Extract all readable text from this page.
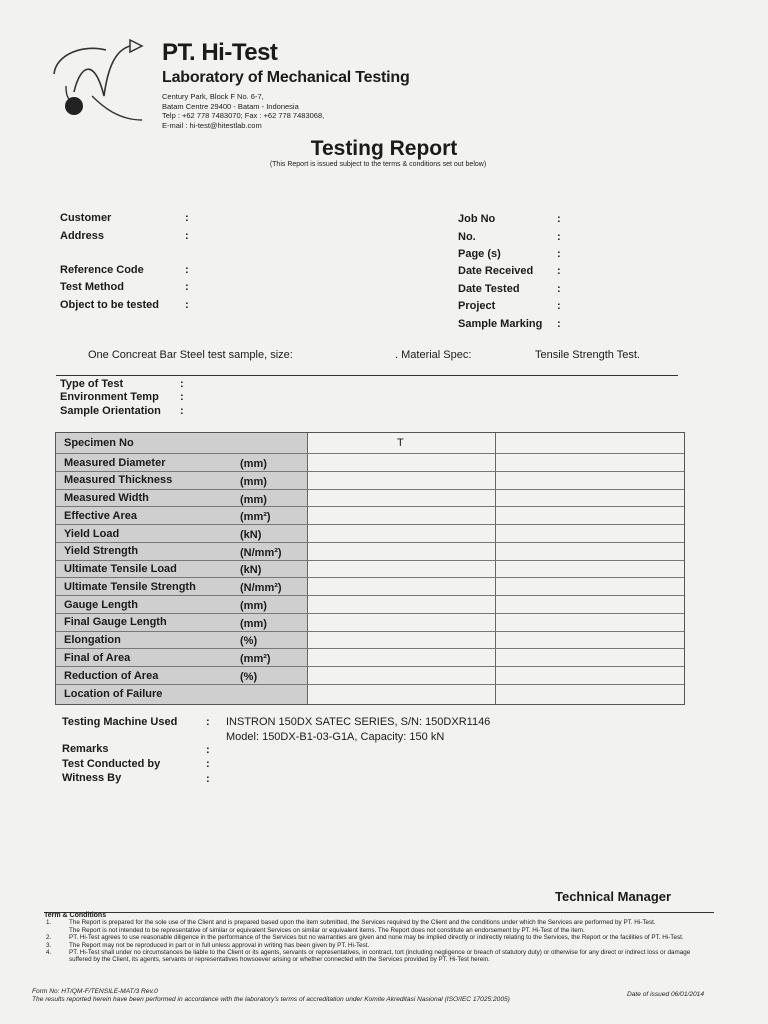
PT. Hi-Test
Laboratory of Mechanical Testing
Century Park, Block F No. 6-7,
Batam Centre 29400 - Batam - Indonesia
Telp : +62 778 7483070; Fax : +62 778 7483068,
E-mail : hi-test@hitestlab.com
Testing Report
(This Report is issued subject to the terms & conditions set out below)
Customer	:
Address	:
Reference Code	:
Test Method	:
Object to be tested :
Job No	:
No.	:
Page (s)	:
Date Received :
Date Tested	:
Project	:
Sample Marking :
One Concreat Bar Steel test sample, size:	. Material Spec:	Tensile Strength Test.
Type of Test	:
Environment Temp :
Sample Orientation :
Specimen No	T
Measured Diameter	(mm)
Measured Thickness	(mm)
Measured Width	(mm)
Effective Area	(mm²)
Yield Load	(kN)
Yield Strength	(N/mm²)
Ultimate Tensile Load	(kN)
Ultimate Tensile Strength	(N/mm²)
Gauge Length	(mm)
Final Gauge Length	(mm)
Elongation	(%)
Final of Area	(mm²)
Reduction of Area	(%)
Location of Failure
Testing Machine Used	: INSTRON 150DX SATEC SERIES, S/N: 150DXR1146
Model: 150DX-B1-03-G1A, Capacity: 150 kN
Remarks	:
Test Conducted by	:
Witness By	:
Technical Manager
Term & Conditions
1.	The Report is prepared for the sole use of the Client and is prepared based upon the item submitted, the Services required by the Client and the conditions under which the Services are performed by PT. Hi-Test.
The Report is not intended to be representative of similar or equivalent Services on similar or equivalent items. The Report does not constitute an endorsement by PT. Hi-Test of the item.
2.	PT. Hi-Test agrees to use reasonable diligence in the performance of the Services but no warranties are given and none may be implied directly or indirectly relating to the Services, the Report or the facilities of PT. Hi-Test.
3.	The Report may not be reproduced in part or in full unless approval in writing has been given by PT. Hi-Test.
4.	PT. Hi-Test shall under no circumstances be liable to the Client or its agents, servants or representatives, in contract, tort (including negligence or breach of statutory duty) or otherwise for any direct or indirect loss or damage suffered by the Client, its agents, servants or representatives howsoever arising or whether connected with the Services provided by PT. Hi-Test herein.
Form No: HT/QM-F/TENSILE-MAT/3 Rev.0
The results reported herein have been performed in accordance with the laboratory's terms of accreditation under Komite Akreditasi Nasional (ISO/IEC 17025:2005)
Date of issued 06/01/2014
